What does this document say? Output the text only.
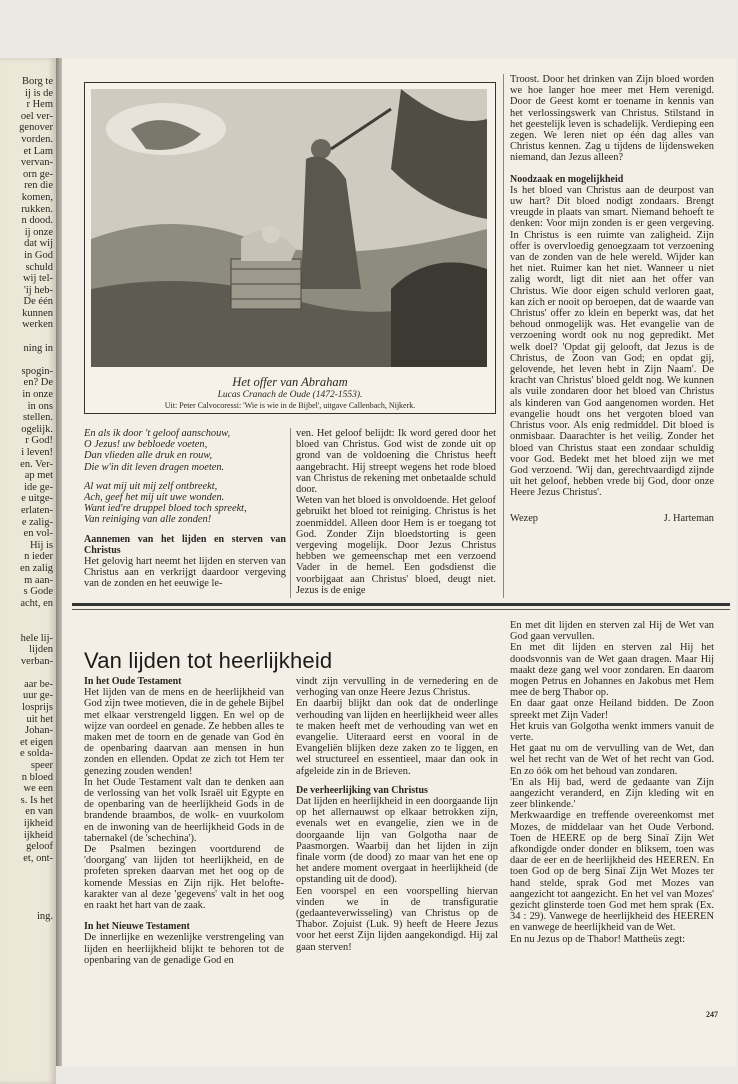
Borg te
ij is de
r Hem
oel ver-
genover
vorden.
et Lam
vervan-
orn ge-
ren die
komen,
rukken.
n dood.
ij onze
dat wij
in God
schuld
wij tel-
'ij heb-
De één
kunnen
werken

ning in

spogin-
en? De
in onze
in ons
stellen.
ogelijk.
r God!
i leven!
en. Ver-
ap met
ide ge-
e uitge-
erlaten-
e zalig-
en vol-
Hij is
n ieder
en zalig
m aan-
s Gode
acht, en

hele lij-
lijden
verban-

aar be-
uur ge-
losprijs
uit het
Johan-
et eigen
e solda-
speer
n bloed
we een
s. Is het
en van
ijkheid
ijkheid
geloof
et, ont-

ing.
Het offer van Abraham
Lucas Cranach de Oude (1472-1553).
Uit: Peter Calvocoressi: 'Wie is wie in de Bijbel', uitgave Callenbach, Nijkerk.
En als ik door 't geloof aanschouw,
O Jezus! uw bebloede voeten,
Dan vlieden alle druk en rouw,
Die w'in dit leven dragen moeten.
Al wat mij uit mij zelf ontbreekt,
Ach, geef het mij uit uwe wonden.
Want ied're druppel bloed toch spreekt,
Van reiniging van alle zonden!

Aannemen van het lijden en sterven van Christus

Het gelovig hart neemt het lijden en sterven van Christus aan en verkrijgt daardoor vergeving van de zonden en het eeuwige le-

ven. Het geloof belijdt: Ik word gered door het bloed van Christus. God wist de zonde uit op grond van de voldoening die Christus heeft aangebracht. Hij streept wegens het rode bloed van Christus de rekening met onbetaalde schuld door.

Weten van het bloed is onvoldoende. Het geloof gebruikt het bloed tot reiniging. Christus is het zoenmiddel. Alleen door Hem is er toegang tot God. Zonder Zijn bloedstorting is geen vergeving mogelijk. Door Jezus Christus hebben we gemeenschap met een verzoend Vader in de hemel. Een godsdienst die voorbijgaat aan Christus' bloed, deugt niet. Jezus is de enige

Troost. Door het drinken van Zijn bloed worden we hoe langer hoe meer met Hem verenigd. Door de Geest komt er toename in kennis van het verlossingswerk van Christus. Stilstand in het geestelijk leven is schadelijk. Verdieping een zegen. We leren niet op één dag alles van Christus kennen. Zag u tijdens de lijdensweken niemand, dan Jezus alleen?

Noodzaak en mogelijkheid

Is het bloed van Christus aan de deurpost van uw hart? Dit bloed nodigt zondaars. Brengt vreugde in plaats van smart. Niemand behoeft te denken: Voor mijn zonden is er geen vergeving. In Christus is een ruimte van zaligheid. Zijn offer is overvloedig genoegzaam tot verzoening van de zonden van de hele wereld. Wijder kan het niet. Ruimer kan het niet. Wanneer u niet zalig wordt, ligt dit niet aan het offer van Christus. Wie door eigen schuld verloren gaat, kan zich er nooit op beroepen, dat de waarde van Christus' offer zo klein en beperkt was, dat het behoud onmogelijk was. Het evangelie van de verzoening wordt ook nu nog gepredikt. Met welk doel? 'Opdat gij gelooft, dat Jezus is de Christus, de Zoon van God; en opdat gij, gelovende, het leven hebt in Zijn Naam'. De kracht van Christus' bloed geldt nog. We kunnen als vuile zondaren door het bloed van Christus als kinderen van God aangenomen worden. Het evangelie houdt ons het vergoten bloed van Christus voor. Als enig redmiddel. Dit bloed is onmisbaar. Daarachter is het veilig. Zonder het bloed van Christus staat een zondaar schuldig voor God. Bedekt met het bloed zijn we met God verzoend. 'Wij dan, gerechtvaardigd zijnde uit het geloof, hebben vrede bij God, door onze Heere Jezus Christus'.

Wezep	J. Harteman

Van lijden tot heerlijkheid

In het Oude Testament

Het lijden van de mens en de heerlijkheid van God zijn twee motieven, die in de gehele Bijbel met elkaar verstrengeld liggen. En wel op de wijze van oordeel en genade. Ze hebben alles te maken met de toorn en de genade van God èn de openbaring daarvan aan mensen in hun zonden en ellenden. Opdat ze zich tot Hem ter genezing zouden wenden!

In het Oude Testament valt dan te denken aan de verlossing van het volk Israël uit Egypte en de openbaring van de heerlijkheid Gods in de brandende braambos, de wolk- en vuurkolom en de inwoning van de heerlijkheid Gods in de tabernakel (de 'schechina').

De Psalmen bezingen voortdurend de 'doorgang' van lijden tot heerlijkheid, en de profeten spreken daarvan met het oog op de komende Messias en Zijn rijk. Het belofte-karakter van al deze 'gegevens' valt in het oog en raakt het hart van de zaak.

In het Nieuwe Testament

De innerlijke en wezenlijke verstrengeling van lijden en heerlijkheid blijkt te behoren tot de openbaring van de genadige God en

vindt zijn vervulling in de vernedering en de verhoging van onze Heere Jezus Christus.

En daarbij blijkt dan ook dat de onderlinge verhouding van lijden en heerlijkheid weer alles te maken heeft met de verhouding van wet en evangelie. Uiteraard eerst en vooral in de Evangeliën blijken deze zaken zo te liggen, en wel structureel en essentieel, maar dan ook in afgeleide zin in de Brieven.

De verheerlijking van Christus

Dat lijden en heerlijkheid in een doorgaande lijn op het allernauwst op elkaar betrokken zijn, evenals wet en evangelie, zien we in de doorgaande lijn van Golgotha naar de Paasmorgen. Waarbij dan het lijden in zijn finale vorm (de dood) zo maar van het ene op het andere moment overgaat in heerlijkheid (de opstanding uit de dood).

Een voorspel en een voorspelling hiervan vinden we in de transfiguratie (gedaanteverwisseling) van Christus op de Thabor. Zojuist (Luk. 9) heeft de Heere Jezus voor het eerst Zijn lijden aangekondigd. Hij zal gaan sterven!

En met dit lijden en sterven zal Hij de Wet van God gaan vervullen.

En met dit lijden en sterven zal Hij het doodsvonnis van de Wet gaan dragen. Maar Hij maakt deze gang wel voor zondaren. En daarom mogen Petrus en Johannes en Jakobus met Hem mee de berg Thabor op.

En daar gaat onze Heiland bidden. De Zoon spreekt met Zijn Vader!

Het kruis van Golgotha wenkt immers vanuit de verte.

Het gaat nu om de vervulling van de Wet, dan wel het recht van de Wet of het recht van God. En zo óók om het behoud van zondaren.

'En als Hij bad, werd de gedaante van Zijn aangezicht veranderd, en Zijn kleding wit en zeer blinkende.'

Merkwaardige en treffende overeenkomst met Mozes, de middelaar van het Oude Verbond. Toen de HEERE op de berg Sinaï Zijn Wet afkondigde onder donder en bliksem, toen was daar de eer en de heerlijkheid des HEEREN. En toen God op de berg Sinaï Zijn Wet Mozes ter hand stelde, sprak God met Mozes van aangezicht tot aangezicht. En het vel van Mozes' gezicht glinsterde toen God met hem sprak (Ex. 34 : 29). Vanwege de heerlijkheid des HEEREN en vanwege de heerlijkheid van de Wet.

En nu Jezus op de Thabor! Mattheüs zegt:

247
